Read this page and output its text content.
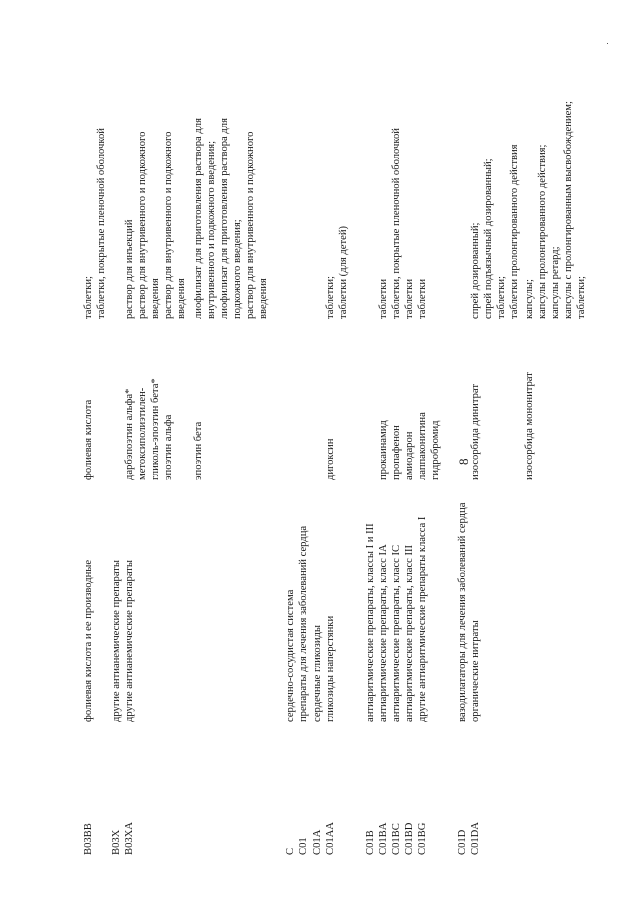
8
B03BB
фолиевая кислота и ее производные
фолиевая кислота
таблетки; таблетки, покрытые пленочной оболочкой
B03X
другие антианемические препараты
B03XA
другие антианемические препараты
дарбэпоэтин альфа*
раствор для инъекций
метоксиполиэтилен-
раствор для внутривенного и подкожного
гликоль-эпоэтин бета*
введения
эпоэтин альфа
раствор для внутривенного и подкожного введения
эпоэтин бета
лиофилизат для приготовления раствора для внутривенного и подкожного введения; лиофилизат для приготовления раствора для подкожного введения; раствор для внутривенного и подкожного введения
C
сердечно-сосудистая система
C01
препараты для лечения заболеваний сердца
C01A
сердечные гликозиды
C01AA
гликозиды наперстянки
дигоксин
таблетки; таблетки (для детей)
C01B
антиаритмические препараты, классы I и III
C01BA
антиаритмические препараты, класс IA
прокаинамид
таблетки
C01BC
антиаритмические препараты, класс IC
пропафенон
таблетки, покрытые пленочной оболочкой
C01BD
антиаритмические препараты, класс III
амиодарон
таблетки
C01BG
другие антиаритмические препараты класса I
лаппаконитина
таблетки
гидробромид
C01D
вазодилататоры для лечения заболеваний сердца
C01DA
органические нитраты
изосорбида динитрат
спрей дозированный; спрей подъязычный дозированный; таблетки; таблетки пролонгированного действия
изосорбида мононитрат
капсулы; капсулы пролонгированного действия; капсулы ретард; капсулы с пролонгированным высвобождением; таблетки;
